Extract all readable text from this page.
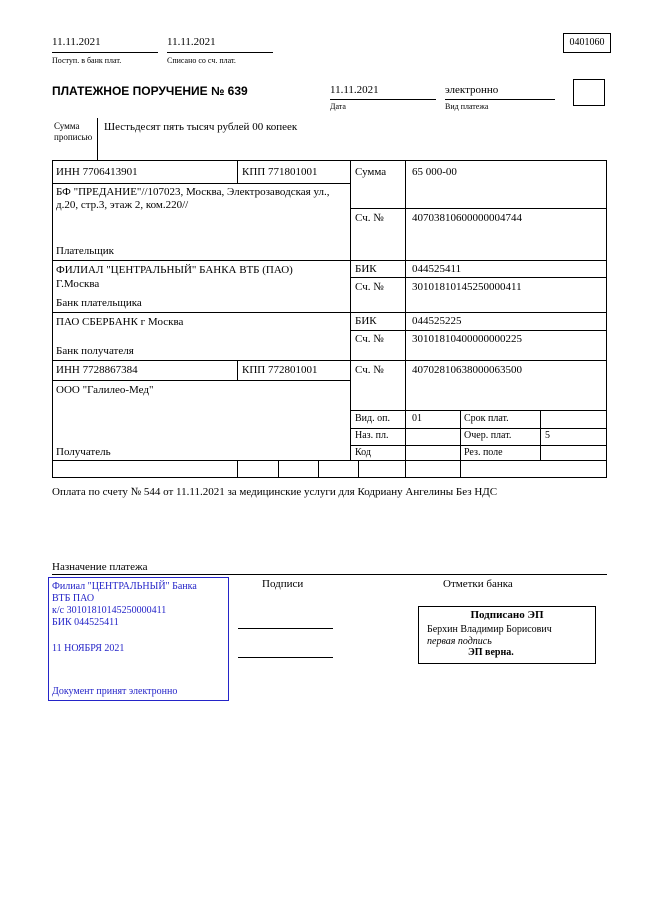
11.11.2021
Поступ. в банк плат.
11.11.2021
Списано со сч. плат.
0401060
ПЛАТЕЖНОЕ ПОРУЧЕНИЕ № 639	11.11.2021
Дата
электронно
Вид платежа
Сумма прописью
Шестьдесят пять тысяч рублей 00 копеек
ИНН 7706413901	КПП 771801001
БФ "ПРЕДАНИЕ"//107023, Москва, Электрозаводская ул., д.20, стр.3, этаж 2, ком.220//
Плательщик
Сумма 65 000-00
Сч. №	40703810600000004744
ФИЛИАЛ "ЦЕНТРАЛЬНЫЙ" БАНКА ВТБ (ПАО)
Г.Москва
Банк плательщика
БИК	044525411
Сч. №	30101810145250000411
ПАО СБЕРБАНК г Москва
Банк получателя
БИК	044525225
Сч. №	30101810400000000225
ИНН 7728867384	КПП 772801001
ООО "Галилео-Мед"
Получатель
Сч. №	40702810638000063500
Вид. оп. 01	Срок плат.
Наз. пл.	Очер. плат.	5
Код	Рез. поле
Оплата по счету № 544 от 11.11.2021 за медицинские услуги для Кодриану Ангелины Без НДС
Назначение платежа
Филиал "ЦЕНТРАЛЬНЫЙ" Банка
ВТБ ПАО
к/с 30101810145250000411
БИК 044525411
11 НОЯБРЯ 2021
Документ принят электронно
Подписи	Отметки банка
Подписано ЭП
Берхин Владимир Борисович
первая подпись
ЭП верна.
